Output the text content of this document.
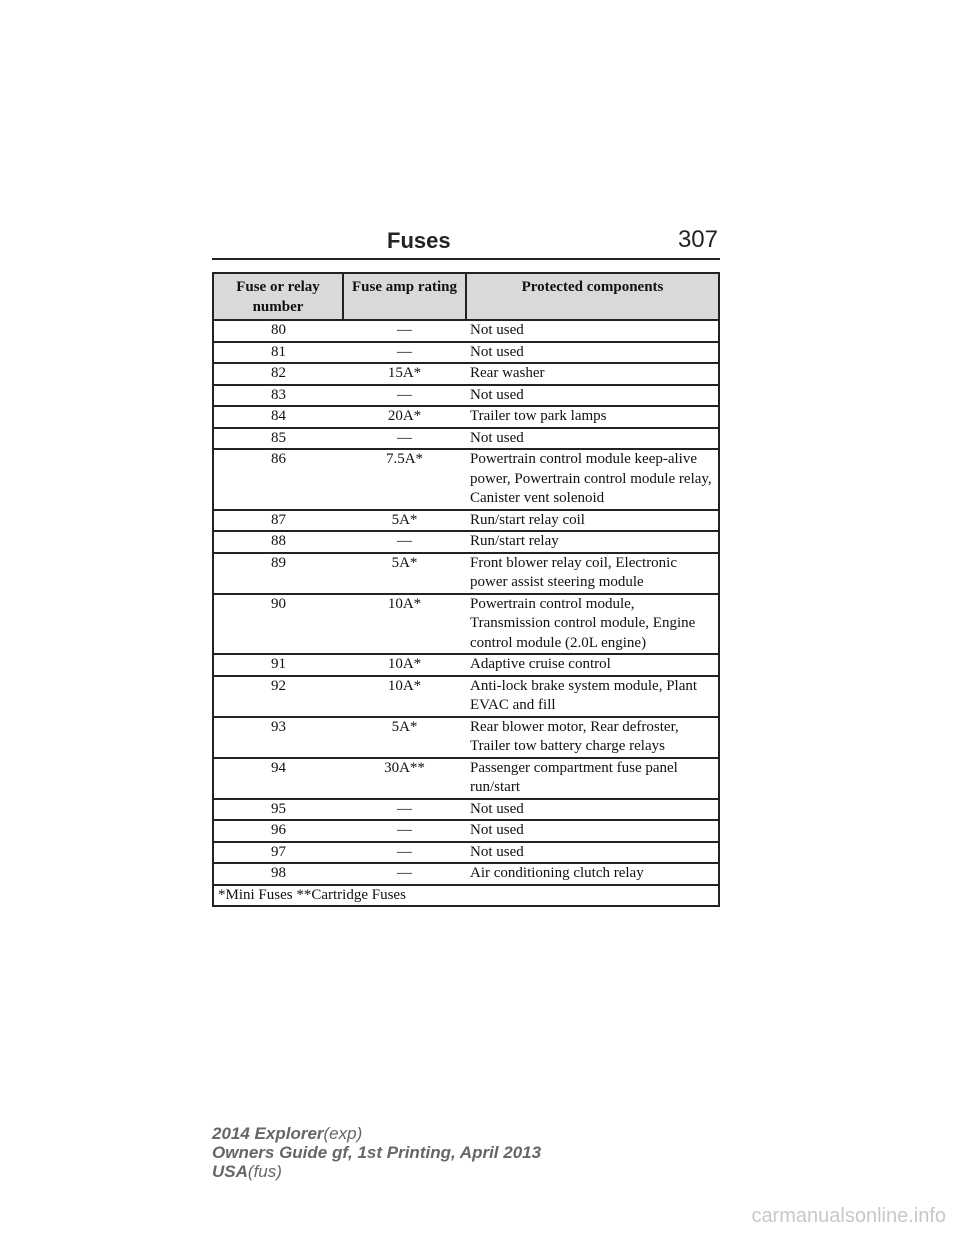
Fuses	307
Fuse or relay number	Fuse amp rating	Protected components
80	—	Not used
81	—	Not used
82	15A*	Rear washer
83	—	Not used
84	20A*	Trailer tow park lamps
85	—	Not used
86	7.5A*	Powertrain control module keep-alive power, Powertrain control module relay, Canister vent solenoid
87	5A*	Run/start relay coil
88	—	Run/start relay
89	5A*	Front blower relay coil, Electronic power assist steering module
90	10A*	Powertrain control module, Transmission control module, Engine control module (2.0L engine)
91	10A*	Adaptive cruise control
92	10A*	Anti-lock brake system module, Plant EVAC and fill
93	5A*	Rear blower motor, Rear defroster, Trailer tow battery charge relays
94	30A**	Passenger compartment fuse panel run/start
95	—	Not used
96	—	Not used
97	—	Not used
98	—	Air conditioning clutch relay
*Mini Fuses **Cartridge Fuses		
2014 Explorer(exp)
Owners Guide gf, 1st Printing, April 2013
USA(fus)
carmanualsonline.info
